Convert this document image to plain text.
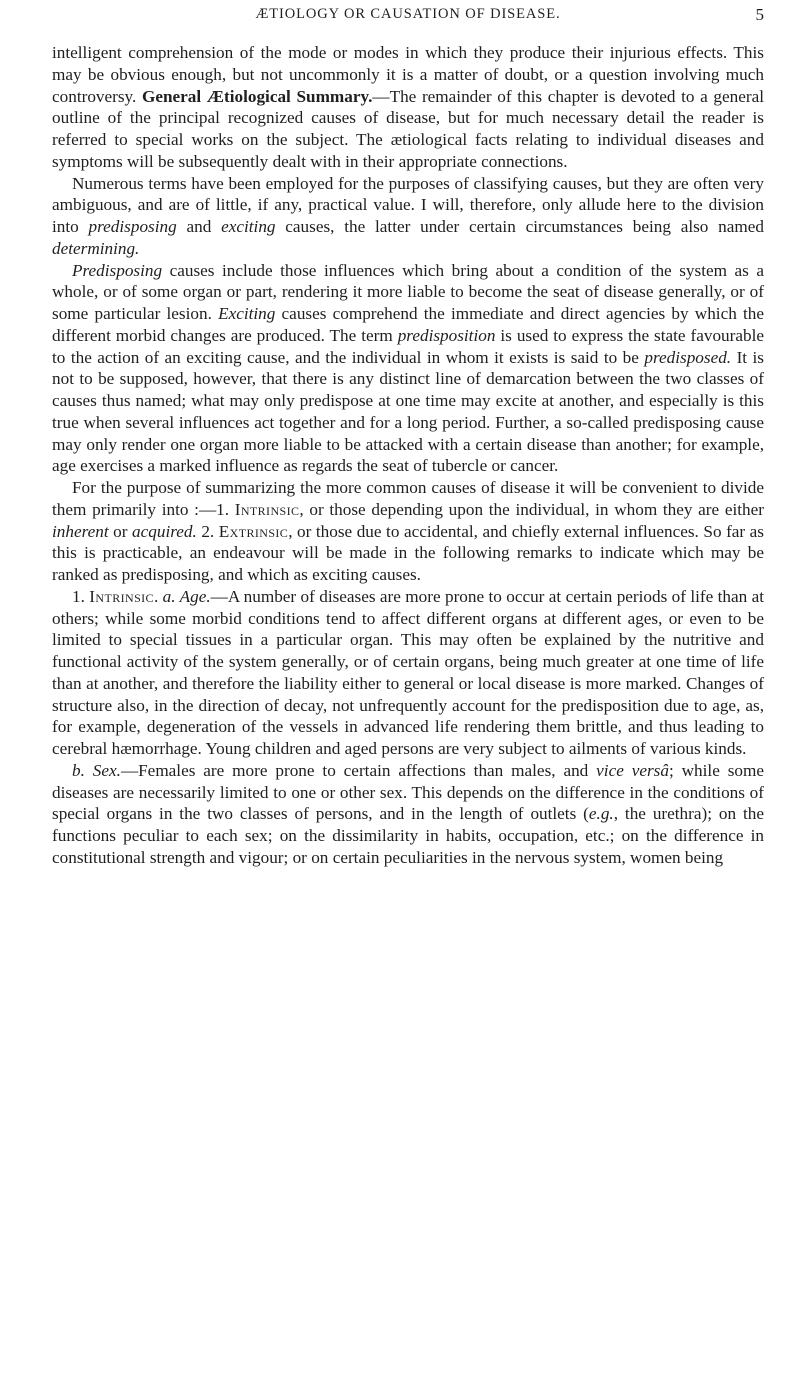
ÆTIOLOGY OR CAUSATION OF DISEASE.	5

intelligent comprehension of the mode or modes in which they produce their injurious effects. This may be obvious enough, but not uncommonly it is a matter of doubt, or a question involving much controversy. General Ætiological Summary.—The remainder of this chapter is devoted to a general outline of the principal recognized causes of disease, but for much necessary detail the reader is referred to special works on the subject. The ætiological facts relating to individual diseases and symptoms will be subsequently dealt with in their appropriate connections.

Numerous terms have been employed for the purposes of classifying causes, but they are often very ambiguous, and are of little, if any, practical value. I will, therefore, only allude here to the division into predisposing and exciting causes, the latter under certain circumstances being also named determining.

Predisposing causes include those influences which bring about a condition of the system as a whole, or of some organ or part, rendering it more liable to become the seat of disease generally, or of some particular lesion. Exciting causes comprehend the immediate and direct agencies by which the different morbid changes are produced. The term predisposition is used to express the state favourable to the action of an exciting cause, and the individual in whom it exists is said to be predisposed. It is not to be supposed, however, that there is any distinct line of demarcation between the two classes of causes thus named; what may only predispose at one time may excite at another, and especially is this true when several influences act together and for a long period. Further, a so-called predisposing cause may only render one organ more liable to be attacked with a certain disease than another; for example, age exercises a marked influence as regards the seat of tubercle or cancer.

For the purpose of summarizing the more common causes of disease it will be convenient to divide them primarily into :—1. Intrinsic, or those depending upon the individual, in whom they are either inherent or acquired. 2. Extrinsic, or those due to accidental, and chiefly external influences. So far as this is practicable, an endeavour will be made in the following remarks to indicate which may be ranked as predisposing, and which as exciting causes.

1. Intrinsic. a. Age.—A number of diseases are more prone to occur at certain periods of life than at others; while some morbid conditions tend to affect different organs at different ages, or even to be limited to special tissues in a particular organ. This may often be explained by the nutritive and functional activity of the system generally, or of certain organs, being much greater at one time of life than at another, and therefore the liability either to general or local disease is more marked. Changes of structure also, in the direction of decay, not unfrequently account for the predisposition due to age, as, for example, degeneration of the vessels in advanced life rendering them brittle, and thus leading to cerebral hæmorrhage. Young children and aged persons are very subject to ailments of various kinds.

b. Sex.—Females are more prone to certain affections than males, and vice versâ; while some diseases are necessarily limited to one or other sex. This depends on the difference in the conditions of special organs in the two classes of persons, and in the length of outlets (e.g., the urethra); on the functions peculiar to each sex; on the dissimilarity in habits, occupation, etc.; on the difference in constitutional strength and vigour; or on certain peculiarities in the nervous system, women being
